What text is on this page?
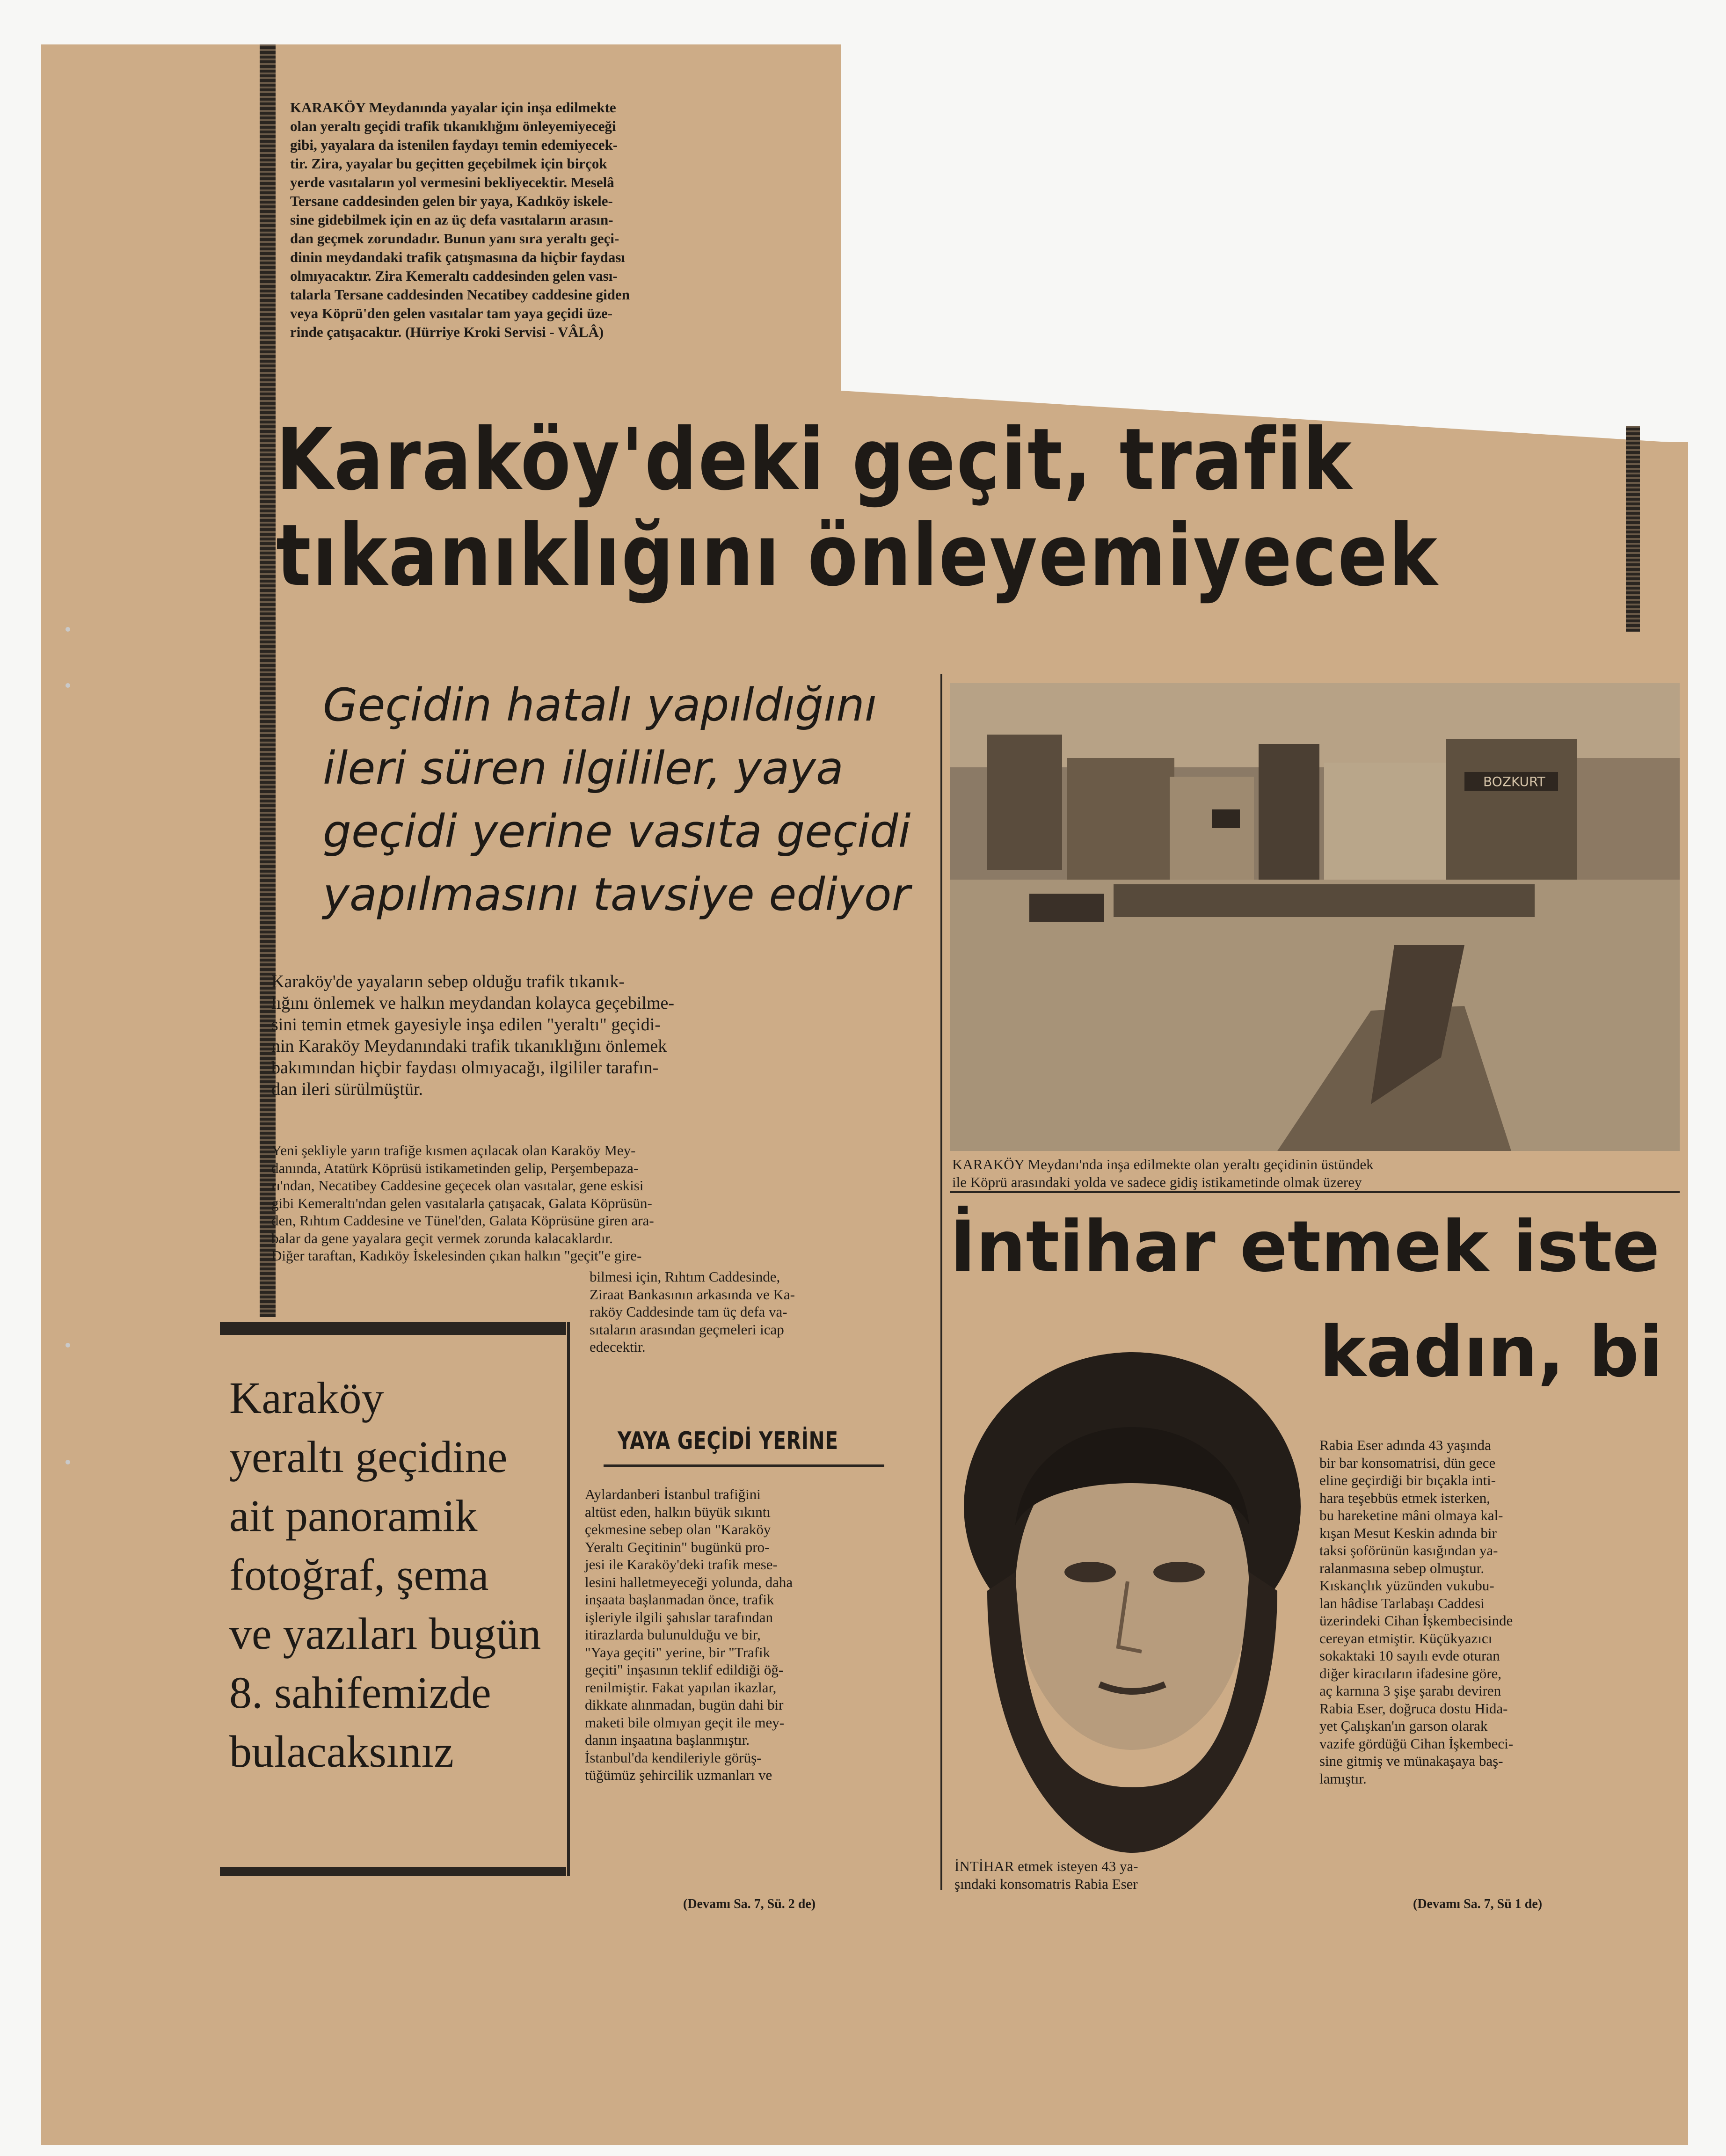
KARAKÖY Meydanında yayalar için inşa edilmekte
olan yeraltı geçidi trafik tıkanıklığını önleyemiyeceği
gibi, yayalara da istenilen faydayı temin edemiyecek-
tir. Zira, yayalar bu geçitten geçebilmek için birçok
yerde vasıtaların yol vermesini bekliyecektir. Meselâ
Tersane caddesinden gelen bir yaya, Kadıköy iskele-
sine gidebilmek için en az üç defa vasıtaların arasın-
dan geçmek zorundadır. Bunun yanı sıra yeraltı geçi-
dinin meydandaki trafik çatışmasına da hiçbir faydası
olmıyacaktır. Zira Kemeraltı caddesinden gelen vası-
talarla Tersane caddesinden Necatibey caddesine giden
veya Köprü'den gelen vasıtalar tam yaya geçidi üze-
rinde çatışacaktır. (Hürriye Kroki Servisi - VÂLÂ)
Karaköy'deki geçit, trafik
tıkanıklığını önleyemiyecek
Geçidin hatalı yapıldığını
ileri süren ilgililer, yaya
geçidi yerine vasıta geçidi
yapılmasını tavsiye ediyor
Karaköy'de yayaların sebep olduğu trafik tıkanık-
lığını önlemek ve halkın meydandan kolayca geçebilme-
sini temin etmek gayesiyle inşa edilen "yeraltı" geçidi-
nin Karaköy Meydanındaki trafik tıkanıklığını önlemek
bakımından hiçbir faydası olmıyacağı, ilgililer tarafın-
dan ileri sürülmüştür.
Yeni şekliyle yarın trafiğe kısmen açılacak olan Karaköy Mey-
danında, Atatürk Köprüsü istikametinden gelip, Perşembepaza-
rı'ndan, Necatibey Caddesine geçecek olan vasıtalar, gene eskisi
gibi Kemeraltı'ndan gelen vasıtalarla çatışacak, Galata Köprüsün-
den, Rıhtım Caddesine ve Tünel'den, Galata Köprüsüne giren ara-
balar da gene yayalara geçit vermek zorunda kalacaklardır.
Diğer taraftan, Kadıköy İskelesinden çıkan halkın "geçit"e gire-
bilmesi için, Rıhtım Caddesinde,
Ziraat Bankasının arkasında ve Ka-
raköy Caddesinde tam üç defa va-
sıtaların arasından geçmeleri icap
edecektir.
Karaköy
yeraltı geçidine
ait panoramik
fotoğraf, şema
ve yazıları bugün
8. sahifemizde
bulacaksınız
YAYA GEÇİDİ YERİNE
Aylardanberi İstanbul trafiğini
altüst eden, halkın büyük sıkıntı
çekmesine sebep olan "Karaköy
Yeraltı Geçitinin" bugünkü pro-
jesi ile Karaköy'deki trafik mese-
lesini halletmeyeceği yolunda, daha
inşaata başlanmadan önce, trafik
işleriyle ilgili şahıslar tarafından
itirazlarda bulunulduğu ve bir,
"Yaya geçiti" yerine, bir "Trafik
geçiti" inşasının teklif edildiği öğ-
renilmiştir. Fakat yapılan ikazlar,
dikkate alınmadan, bugün dahi bir
maketi bile olmıyan geçit ile mey-
danın inşaatına başlanmıştır.
İstanbul'da kendileriyle görüş-
tüğümüz şehircilik uzmanları ve
(Devamı Sa. 7, Sü. 2 de)
BOZKURT
KARAKÖY Meydanı'nda inşa edilmekte olan yeraltı geçidinin üstündek
ile Köprü arasındaki yolda ve sadece gidiş istikametinde olmak üzerey
İntihar etmek iste
kadın, bi
İNTİHAR etmek isteyen 43 ya-
şındaki konsomatris Rabia Eser
Rabia Eser adında 43 yaşında
bir bar konsomatrisi, dün gece
eline geçirdiği bir bıçakla inti-
hara teşebbüs etmek isterken,
bu hareketine mâni olmaya kal-
kışan Mesut Keskin adında bir
taksi şoförünün kasığından ya-
ralanmasına sebep olmuştur.
Kıskançlık yüzünden vukubu-
lan hâdise Tarlabaşı Caddesi
üzerindeki Cihan İşkembecisinde
cereyan etmiştir. Küçükyazıcı
sokaktaki 10 sayılı evde oturan
diğer kiracıların ifadesine göre,
aç karnına 3 şişe şarabı deviren
Rabia Eser, doğruca dostu Hida-
yet Çalışkan'ın garson olarak
vazife gördüğü Cihan İşkembeci-
sine gitmiş ve münakaşaya baş-
lamıştır.
(Devamı Sa. 7, Sü 1 de)
